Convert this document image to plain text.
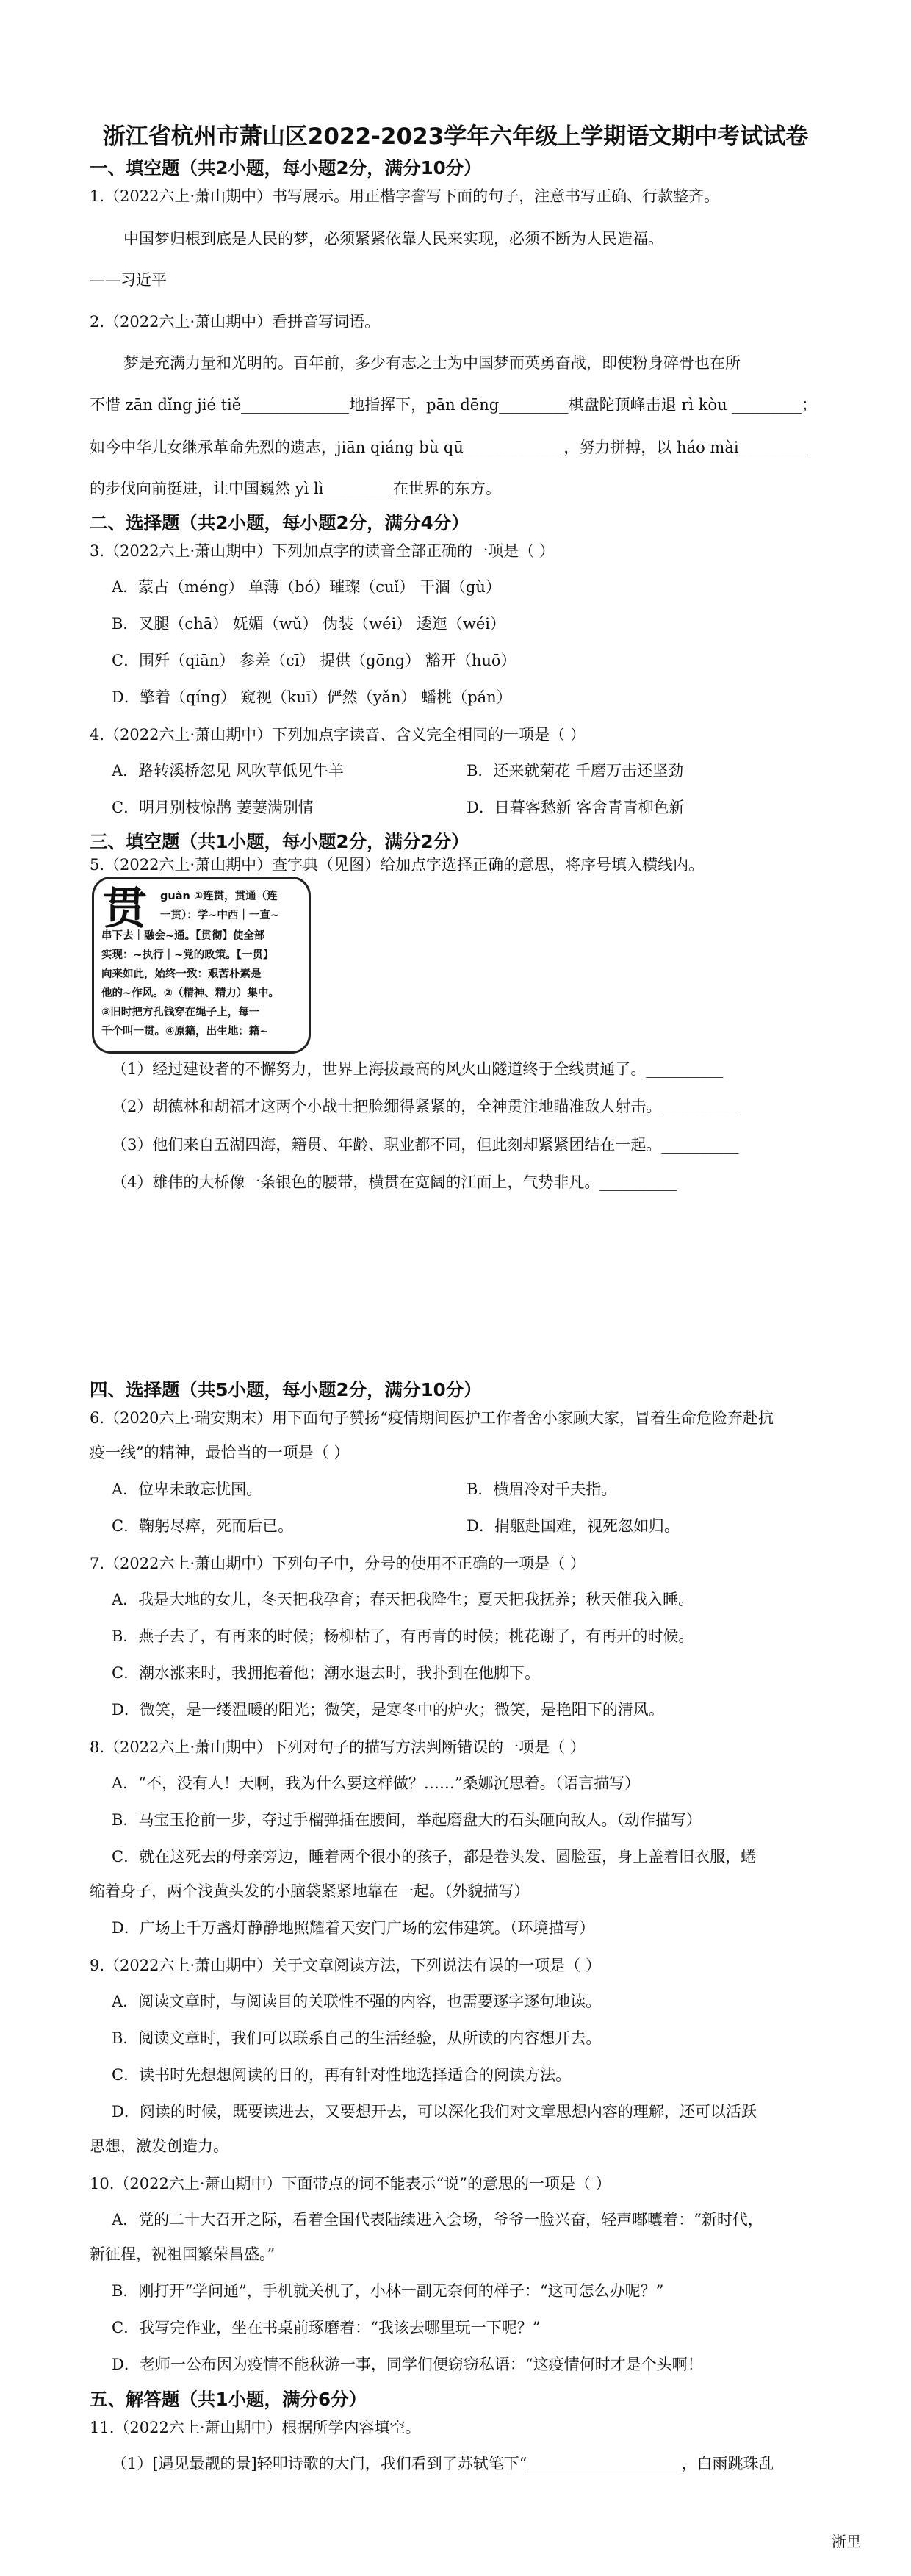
浙江省杭州市萧山区2022-2023学年六年级上学期语文期中考试试卷
一、填空题（共2小题，每小题2分，满分10分）
1.（2022六上·萧山期中）书写展示。用正楷字誊写下面的句子，注意书写正确、行款整齐。
中国梦归根到底是人民的梦，必须紧紧依靠人民来实现，必须不断为人民造福。
——习近平
2.（2022六上·萧山期中）看拼音写词语。
梦是充满力量和光明的。百年前，多少有志之士为中国梦而英勇奋战，即使粉身碎骨也在所
不惜 zān dǐng jié tiě______________地指挥下，pān dēng_________棋盘陀顶峰击退 rì kòu _________；
如今中华儿女继承革命先烈的遗志，jiān qiáng bù qū_____________，努力拼搏，以 háo mài_________
的步伐向前挺进，让中国巍然 yì lì_________在世界的东方。
二、选择题（共2小题，每小题2分，满分4分）
3.（2022六上·萧山期中）下列加点字的读音全部正确的一项是（ ）
A．蒙古（méng） 单薄（bó）璀璨（cuǐ） 干涸（gù）
B．叉腿（chā） 妩媚（wǔ） 伪装（wéi） 逶迤（wéi）
C．围歼（qiān） 参差（cī） 提供（gōng） 豁开（huō）
D．擎着（qíng） 窥视（kuī）俨然（yǎn） 蟠桃（pán）
4.（2022六上·萧山期中）下列加点字读音、含义完全相同的一项是（ ）
A．路转溪桥忽见 风吹草低见牛羊	B．还来就菊花 千磨万击还坚劲
C．明月别枝惊鹊 萋萋满别情	D．日暮客愁新 客舍青青柳色新
三、填空题（共1小题，每小题2分，满分2分）
5.（2022六上·萧山期中）查字典（见图）给加点字选择正确的意思，将序号填入横线内。
贯 guàn ①连贯，贯通（连
一贯）：学~中西｜一直~
串下去｜融会~通。【贯彻】使全部
实现：~执行｜~党的政策。【一贯】
向来如此，始终一致：艰苦朴素是
他的~作风。②（精神、精力）集中。
③旧时把方孔钱穿在绳子上，每一
千个叫一贯。④原籍，出生地：籍~
（1）经过建设者的不懈努力，世界上海拔最高的风火山隧道终于全线贯通了。__________
（2）胡德林和胡福才这两个小战士把脸绷得紧紧的，全神贯注地瞄准敌人射击。__________
（3）他们来自五湖四海，籍贯、年龄、职业都不同，但此刻却紧紧团结在一起。__________
（4）雄伟的大桥像一条银色的腰带，横贯在宽阔的江面上，气势非凡。__________
四、选择题（共5小题，每小题2分，满分10分）
6.（2020六上·瑞安期末）用下面句子赞扬“疫情期间医护工作者舍小家顾大家，冒着生命危险奔赴抗
疫一线”的精神，最恰当的一项是（ ）
A．位卑未敢忘忧国。	B．横眉冷对千夫指。
C．鞠躬尽瘁，死而后已。	D．捐躯赴国难，视死忽如归。
7.（2022六上·萧山期中）下列句子中，分号的使用不正确的一项是（ ）
A．我是大地的女儿，冬天把我孕育；春天把我降生；夏天把我抚养；秋天催我入睡。
B．燕子去了，有再来的时候；杨柳枯了，有再青的时候；桃花谢了，有再开的时候。
C．潮水涨来时，我拥抱着他；潮水退去时，我扑到在他脚下。
D．微笑，是一缕温暖的阳光；微笑，是寒冬中的炉火；微笑，是艳阳下的清风。
8.（2022六上·萧山期中）下列对句子的描写方法判断错误的一项是（ ）
A．“不，没有人！天啊，我为什么要这样做？……”桑娜沉思着。（语言描写）
B．马宝玉抢前一步，夺过手榴弹插在腰间，举起磨盘大的石头砸向敌人。（动作描写）
C．就在这死去的母亲旁边，睡着两个很小的孩子，都是卷头发、圆脸蛋，身上盖着旧衣服，蜷
缩着身子，两个浅黄头发的小脑袋紧紧地靠在一起。（外貌描写）
D．广场上千万盏灯静静地照耀着天安门广场的宏伟建筑。（环境描写）
9.（2022六上·萧山期中）关于文章阅读方法，下列说法有误的一项是（ ）
A．阅读文章时，与阅读目的关联性不强的内容，也需要逐字逐句地读。
B．阅读文章时，我们可以联系自己的生活经验，从所读的内容想开去。
C．读书时先想想阅读的目的，再有针对性地选择适合的阅读方法。
D．阅读的时候，既要读进去，又要想开去，可以深化我们对文章思想内容的理解，还可以活跃
思想，激发创造力。
10.（2022六上·萧山期中）下面带点的词不能表示“说”的意思的一项是（ ）
A．党的二十大召开之际，看着全国代表陆续进入会场，爷爷一脸兴奋，轻声嘟囔着：“新时代，
新征程，祝祖国繁荣昌盛。”
B．刚打开“学问通”，手机就关机了，小林一副无奈何的样子：“这可怎么办呢？”
C．我写完作业，坐在书桌前琢磨着：“我该去哪里玩一下呢？”
D．老师一公布因为疫情不能秋游一事，同学们便窃窃私语：“这疫情何时才是个头啊！
五、解答题（共1小题，满分6分）
11.（2022六上·萧山期中）根据所学内容填空。
（1）[遇见最靓的景]轻叩诗歌的大门，我们看到了苏轼笔下“____________________，白雨跳珠乱
浙里
